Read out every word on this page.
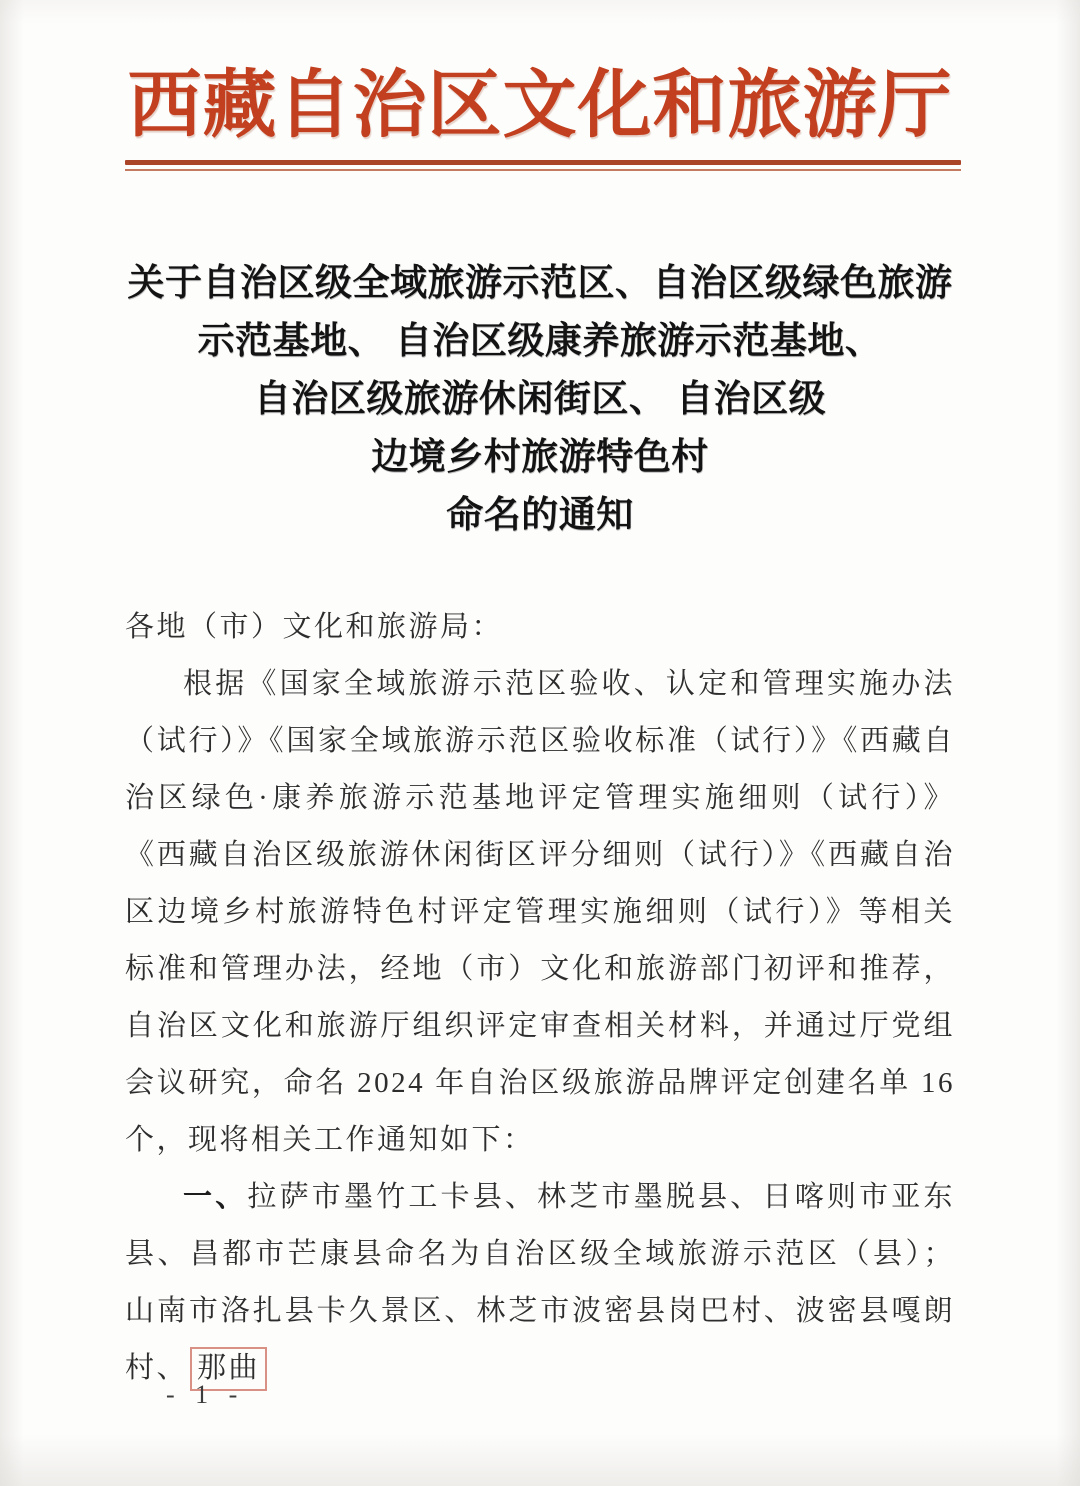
西藏自治区文化和旅游厅
关于自治区级全域旅游示范区、自治区级绿色旅游
示范基地、 自治区级康养旅游示范基地、
自治区级旅游休闲街区、 自治区级
边境乡村旅游特色村
命名的通知

各地（市）文化和旅游局：

根据《国家全域旅游示范区验收、认定和管理实施办法（试行）》《国家全域旅游示范区验收标准（试行）》《西藏自治区绿色·康养旅游示范基地评定管理实施细则（试行）》《西藏自治区级旅游休闲街区评分细则（试行）》《西藏自治区边境乡村旅游特色村评定管理实施细则（试行）》等相关标准和管理办法，经地（市）文化和旅游部门初评和推荐，自治区文化和旅游厅组织评定审查相关材料，并通过厅党组会议研究，命名 2024 年自治区级旅游品牌评定创建名单 16 个，现将相关工作通知如下：

一、拉萨市墨竹工卡县、林芝市墨脱县、日喀则市亚东县、昌都市芒康县命名为自治区级全域旅游示范区（县）；山南市洛扎县卡久景区、林芝市波密县岗巴村、波密县嘎朗村、 那曲

- 1 -
